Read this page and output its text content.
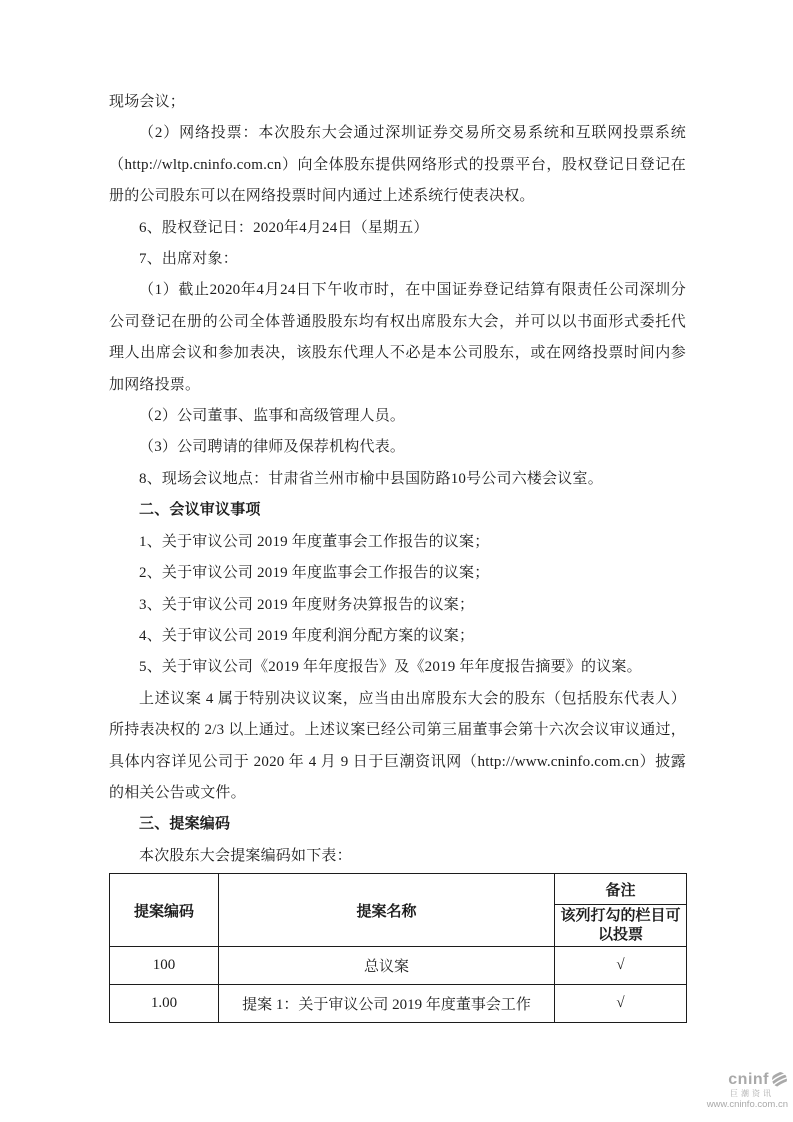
现场会议；

（2）网络投票：本次股东大会通过深圳证券交易所交易系统和互联网投票系统（http://wltp.cninfo.com.cn）向全体股东提供网络形式的投票平台，股权登记日登记在册的公司股东可以在网络投票时间内通过上述系统行使表决权。

6、股权登记日：2020年4月24日（星期五）

7、出席对象：

（1）截止2020年4月24日下午收市时，在中国证券登记结算有限责任公司深圳分公司登记在册的公司全体普通股股东均有权出席股东大会，并可以以书面形式委托代理人出席会议和参加表决，该股东代理人不必是本公司股东，或在网络投票时间内参加网络投票。

（2）公司董事、监事和高级管理人员。

（3）公司聘请的律师及保荐机构代表。

8、现场会议地点：甘肃省兰州市榆中县国防路10号公司六楼会议室。

二、会议审议事项

1、关于审议公司 2019 年度董事会工作报告的议案；

2、关于审议公司 2019 年度监事会工作报告的议案；

3、关于审议公司 2019 年度财务决算报告的议案；

4、关于审议公司 2019 年度利润分配方案的议案；

5、关于审议公司《2019 年年度报告》及《2019 年年度报告摘要》的议案。

上述议案 4 属于特别决议议案，应当由出席股东大会的股东（包括股东代表人）所持表决权的 2/3 以上通过。上述议案已经公司第三届董事会第十六次会议审议通过，具体内容详见公司于 2020 年 4 月 9 日于巨潮资讯网（http://www.cninfo.com.cn）披露的相关公告或文件。

三、提案编码

本次股东大会提案编码如下表：

提案编码	提案名称	备注
		该列打勾的栏目可以投票
100	总议案	√
1.00	提案 1：关于审议公司 2019 年度董事会工作	√
cninf
巨潮资讯
www.cninfo.com.cn
